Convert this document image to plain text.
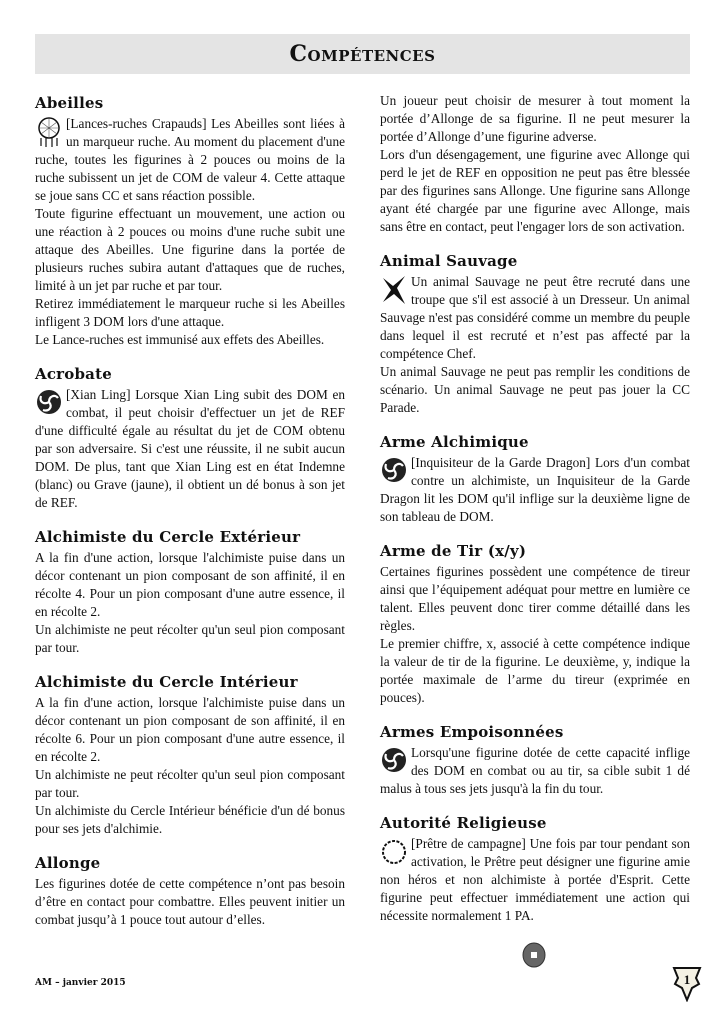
Compétences
Abeilles

[Lances-ruches Crapauds] Les Abeilles sont liées à un marqueur ruche. Au moment du placement d'une ruche, toutes les figurines à 2 pouces ou moins de la ruche subissent un jet de COM de valeur 4. Cette attaque se joue sans CC et sans réaction possible.

Toute figurine effectuant un mouvement, une action ou une réaction à 2 pouces ou moins d'une ruche subit une attaque des Abeilles. Une figurine dans la portée de plusieurs ruches subira autant d'attaques que de ruches, limité à un jet par ruche et par tour.

Retirez immédiatement le marqueur ruche si les Abeilles infligent 3 DOM lors d'une attaque.

Le Lance-ruches est immunisé aux effets des Abeilles.

Acrobate

[Xian Ling] Lorsque Xian Ling subit des DOM en combat, il peut choisir d'effectuer un jet de REF d'une difficulté égale au résultat du jet de COM obtenu par son adversaire. Si c'est une réussite, il ne subit aucun DOM. De plus, tant que Xian Ling est en état Indemne (blanc) ou Grave (jaune), il obtient un dé bonus à son jet de REF.

Alchimiste du Cercle Extérieur

A la fin d'une action, lorsque l'alchimiste puise dans un décor contenant un pion composant de son affinité, il en récolte 4. Pour un pion composant d'une autre essence, il en récolte 2.

Un alchimiste ne peut récolter qu'un seul pion composant par tour.

Alchimiste du Cercle Intérieur

A la fin d'une action, lorsque l'alchimiste puise dans un décor contenant un pion composant de son affinité, il en récolte 6. Pour un pion composant d'une autre essence, il en récolte 2.

Un alchimiste ne peut récolter qu'un seul pion composant par tour.

Un alchimiste du Cercle Intérieur bénéficie d'un dé bonus pour ses jets d'alchimie.

Allonge

Les figurines dotée de cette compétence n’ont pas besoin d’être en contact pour combattre. Elles peuvent initier un combat jusqu’à 1 pouce tout autour d’elles.

Un joueur peut choisir de mesurer à tout moment la portée d’Allonge de sa figurine. Il ne peut mesurer la portée d’Allonge d’une figurine adverse.

Lors d'un désengagement, une figurine avec Allonge qui perd le jet de REF en opposition ne peut pas être blessée par des figurines sans Allonge. Une figurine sans Allonge ayant été chargée par une figurine avec Allonge, mais sans être en contact, peut l'engager lors de son activation.

Animal Sauvage

Un animal Sauvage ne peut être recruté dans une troupe que s'il est associé à un Dresseur. Un animal Sauvage n'est pas considéré comme un membre du peuple dans lequel il est recruté et n’est pas affecté par la compétence Chef.

Un animal Sauvage ne peut pas remplir les conditions de scénario. Un animal Sauvage ne peut pas jouer la CC Parade.

Arme Alchimique

[Inquisiteur de la Garde Dragon] Lors d'un combat contre un alchimiste, un Inquisiteur de la Garde Dragon lit les DOM qu'il inflige sur la deuxième ligne de son tableau de DOM.

Arme de Tir (x/y)

Certaines figurines possèdent une compétence de tireur ainsi que l’équipement adéquat pour mettre en lumière ce talent. Elles peuvent donc tirer comme détaillé dans les règles.

Le premier chiffre, x, associé à cette compétence indique la valeur de tir de la figurine. Le deuxième, y, indique la portée maximale de l’arme du tireur (exprimée en pouces).

Armes Empoisonnées

Lorsqu'une figurine dotée de cette capacité inflige des DOM en combat ou au tir, sa cible subit 1 dé malus à tous ses jets jusqu'à la fin du tour.

Autorité Religieuse

[Prêtre de campagne] Une fois par tour pendant son activation, le Prêtre peut désigner une figurine amie non héros et non alchimiste à portée d'Esprit. Cette figurine peut effectuer immédiatement une action qui nécessite normalement 1 PA.

AM – janvier 2015	1
